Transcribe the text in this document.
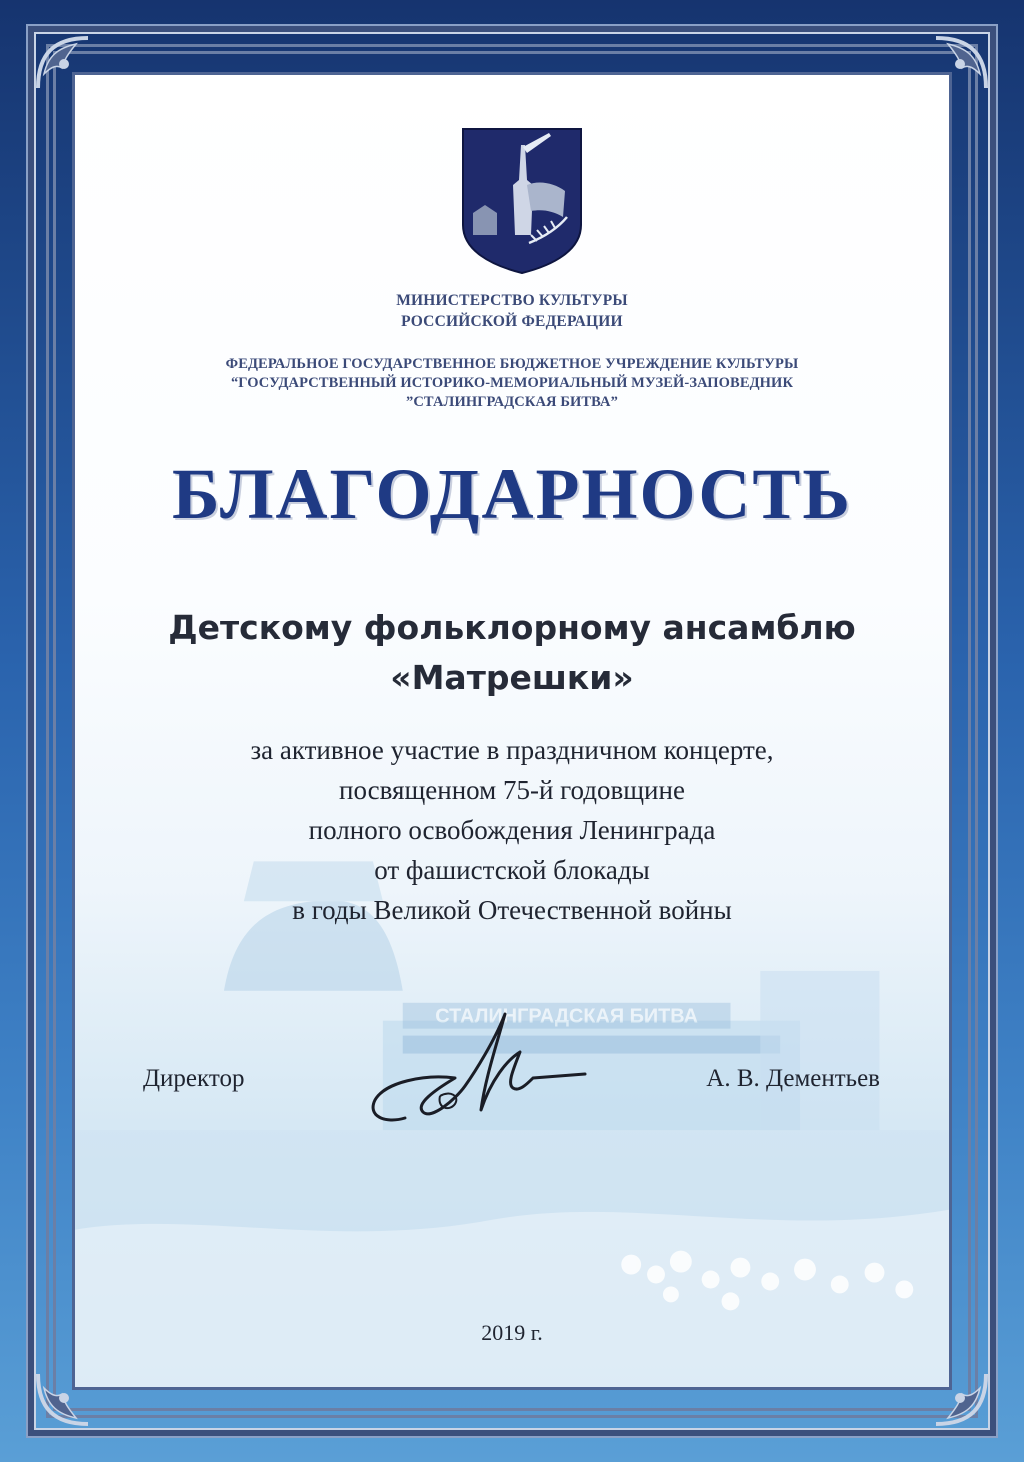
СТАЛИНГРАДСКАЯ БИТВА
МИНИСТЕРСТВО КУЛЬТУРЫ
РОССИЙСКОЙ ФЕДЕРАЦИИ
ФЕДЕРАЛЬНОЕ ГОСУДАРСТВЕННОЕ БЮДЖЕТНОЕ УЧРЕЖДЕНИЕ КУЛЬТУРЫ
“ГОСУДАРСТВЕННЫЙ ИСТОРИКО-МЕМОРИАЛЬНЫЙ МУЗЕЙ-ЗАПОВЕДНИК
”СТАЛИНГРАДСКАЯ БИТВА”
БЛАГОДАРНОСТЬ
Детскому фольклорному ансамблю
«Матрешки»
за активное участие в праздничном концерте,
посвященном 75-й годовщине
полного освобождения Ленинграда
от фашистской блокады
в годы Великой Отечественной войны
Директор	А. В. Дементьев
2019 г.
